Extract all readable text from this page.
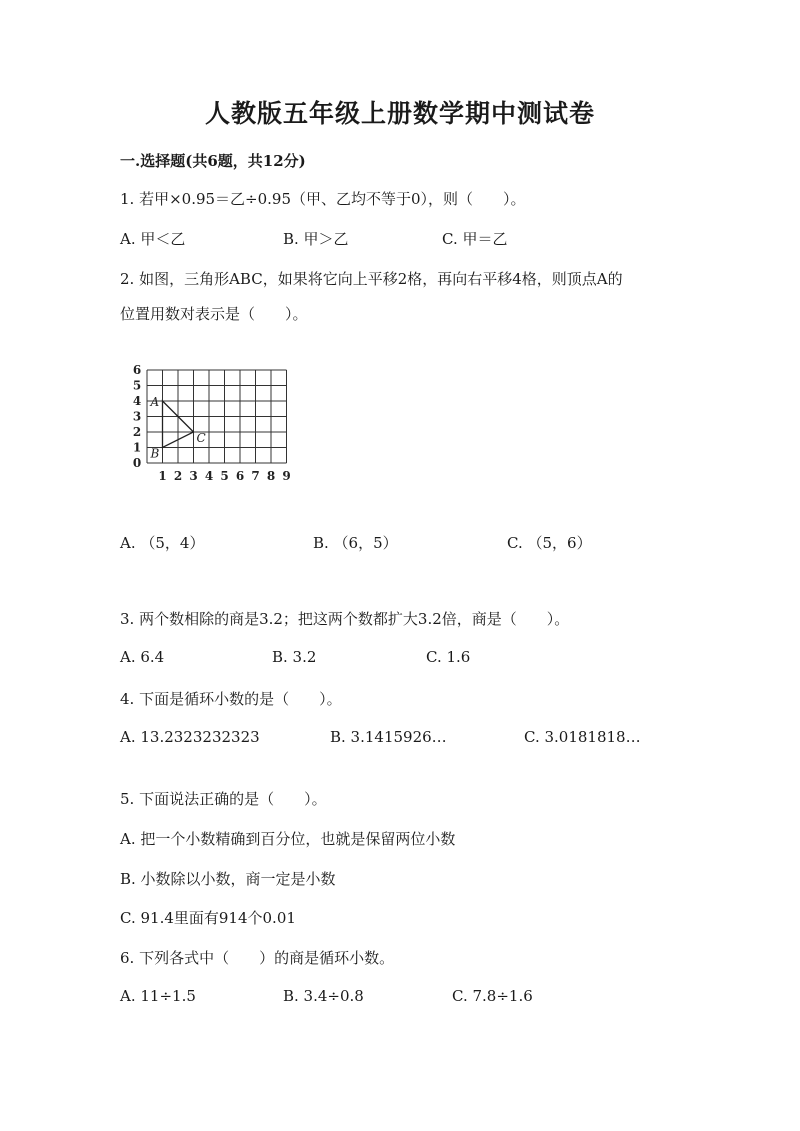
人教版五年级上册数学期中测试卷
一.选择题(共6题，共12分)
1. 若甲×0.95＝乙÷0.95（甲、乙均不等于0），则（　　）。
A. 甲＜乙	B. 甲＞乙	C. 甲＝乙
2. 如图，三角形ABC，如果将它向上平移2格，再向右平移4格，则顶点A的
位置用数对表示是（　　）。
1 2 3 4 5 6 7 8 9
0
1
2
3
4
5
6
A
B
C
A. （5，4）	B. （6，5）	C. （5，6）
3. 两个数相除的商是3.2；把这两个数都扩大3.2倍，商是（　　）。
A. 6.4	B. 3.2	C. 1.6
4. 下面是循环小数的是（　　）。
A. 13.2323232323	B. 3.1415926…	C. 3.0181818…
5. 下面说法正确的是（　　）。
A. 把一个小数精确到百分位，也就是保留两位小数
B. 小数除以小数，商一定是小数
C. 91.4里面有914个0.01
6. 下列各式中（　　）的商是循环小数。
A. 11÷1.5	B. 3.4÷0.8	C. 7.8÷1.6
